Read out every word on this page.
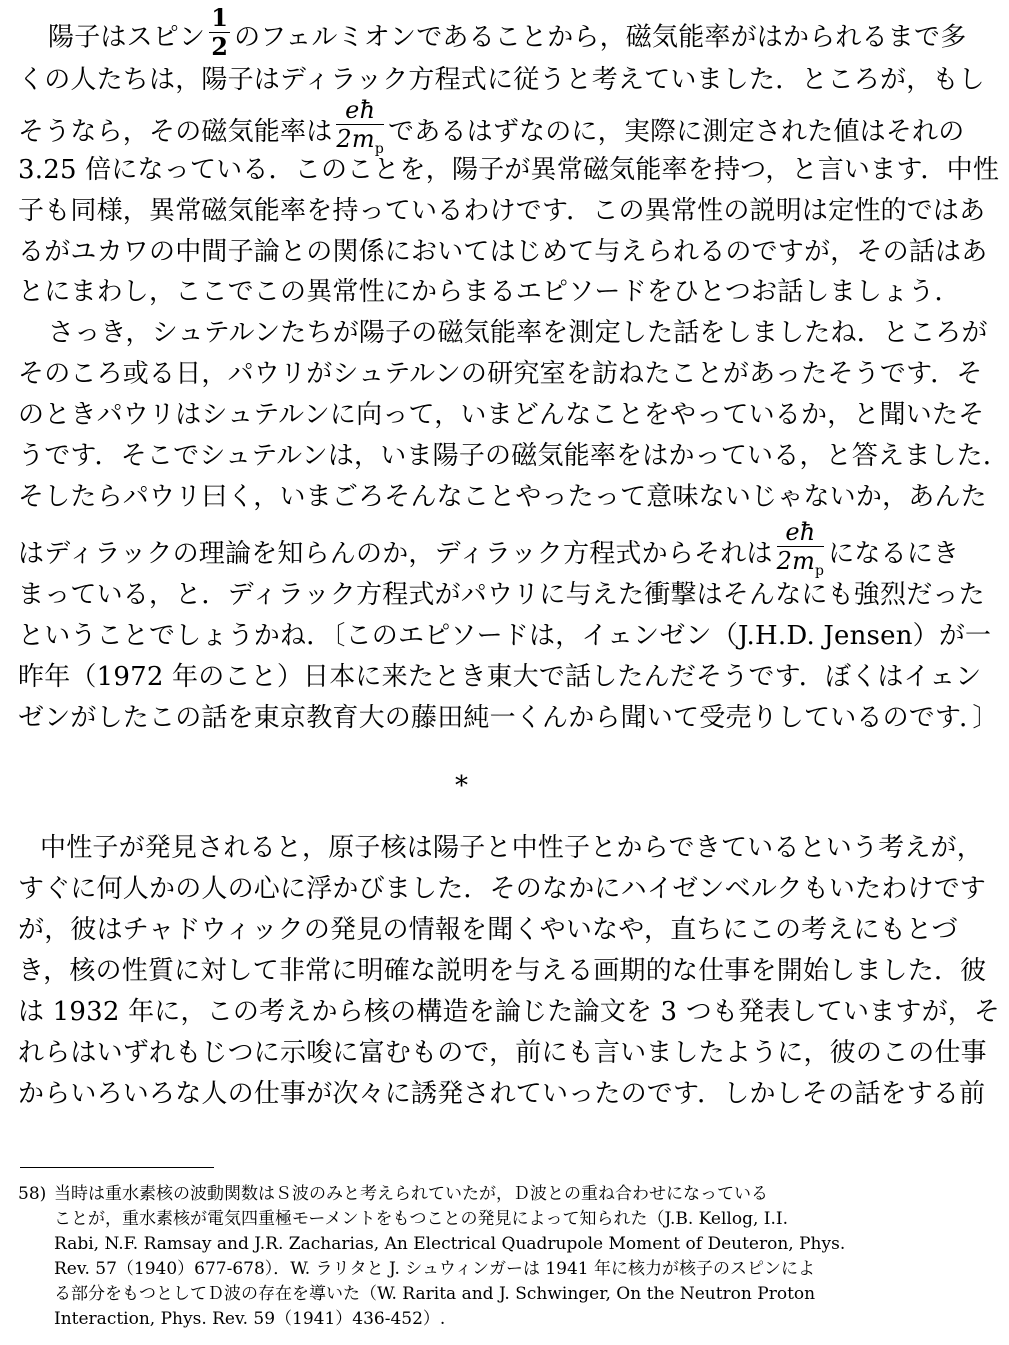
陽子はスピン $\frac{1}{2}$ のフェルミオンであることから，磁気能率がはかられるまで多
くの人たちは，陽子はディラック方程式に従うと考えていました．ところが，もし
そうなら，その磁気能率は $\frac{eħ}{2m_p}$ であるはずなのに，実際に測定された値はそれの
3.25 倍になっている．このことを，陽子が異常磁気能率を持つ，と言います．中性
子も同様，異常磁気能率を持っているわけです．この異常性の説明は定性的ではあ
るがユカワの中間子論との関係においてはじめて与えられるのですが，その話はあ
とにまわし，ここでこの異常性にからまるエピソードをひとつお話しましょう．
さっき，シュテルンたちが陽子の磁気能率を測定した話をしましたね．ところが
そのころ或る日，パウリがシュテルンの研究室を訪ねたことがあったそうです．そ
のときパウリはシュテルンに向って，いまどんなことをやっているか，と聞いたそ
うです．そこでシュテルンは，いま陽子の磁気能率をはかっている，と答えました．
そしたらパウリ曰く，いまごろそんなことやったって意味ないじゃないか，あんた
はディラックの理論を知らんのか，ディラック方程式からそれは $\frac{eħ}{2m_p}$ になるにき
まっている，と．ディラック方程式がパウリに与えた衝撃はそんなにも強烈だった
ということでしょうかね．〔このエピソードは，イェンゼン（J.H.D. Jensen）が一
昨年（1972 年のこと）日本に来たとき東大で話したんだそうです．ぼくはイェン
ゼンがしたこの話を東京教育大の藤田純一くんから聞いて受売りしているのです．〕
*
中性子が発見されると，原子核は陽子と中性子とからできているという考えが，
すぐに何人かの人の心に浮かびました．そのなかにハイゼンベルクもいたわけです
が，彼はチャドウィックの発見の情報を聞くやいなや，直ちにこの考えにもとづ
き，核の性質に対して非常に明確な説明を与える画期的な仕事を開始しました．彼
は 1932 年に，この考えから核の構造を論じた論文を 3 つも発表していますが，そ
れらはいずれもじつに示唆に富むもので，前にも言いましたように，彼のこの仕事
からいろいろな人の仕事が次々に誘発されていったのです．しかしその話をする前
58) 当時は重水素核の波動関数はＳ波のみと考えられていたが，Ｄ波との重ね合わせになっている
ことが，重水素核が電気四重極モーメントをもつことの発見によって知られた（J.B. Kellog, I.I.
Rabi, N.F. Ramsay and J.R. Zacharias, An Electrical Quadrupole Moment of Deuteron, Phys.
Rev. 57（1940）677-678）．W. ラリタと J. シュウィンガーは 1941 年に核力が核子のスピンによ
る部分をもつとしてＤ波の存在を導いた（W. Rarita and J. Schwinger, On the Neutron Proton
Interaction, Phys. Rev. 59（1941）436-452）.
